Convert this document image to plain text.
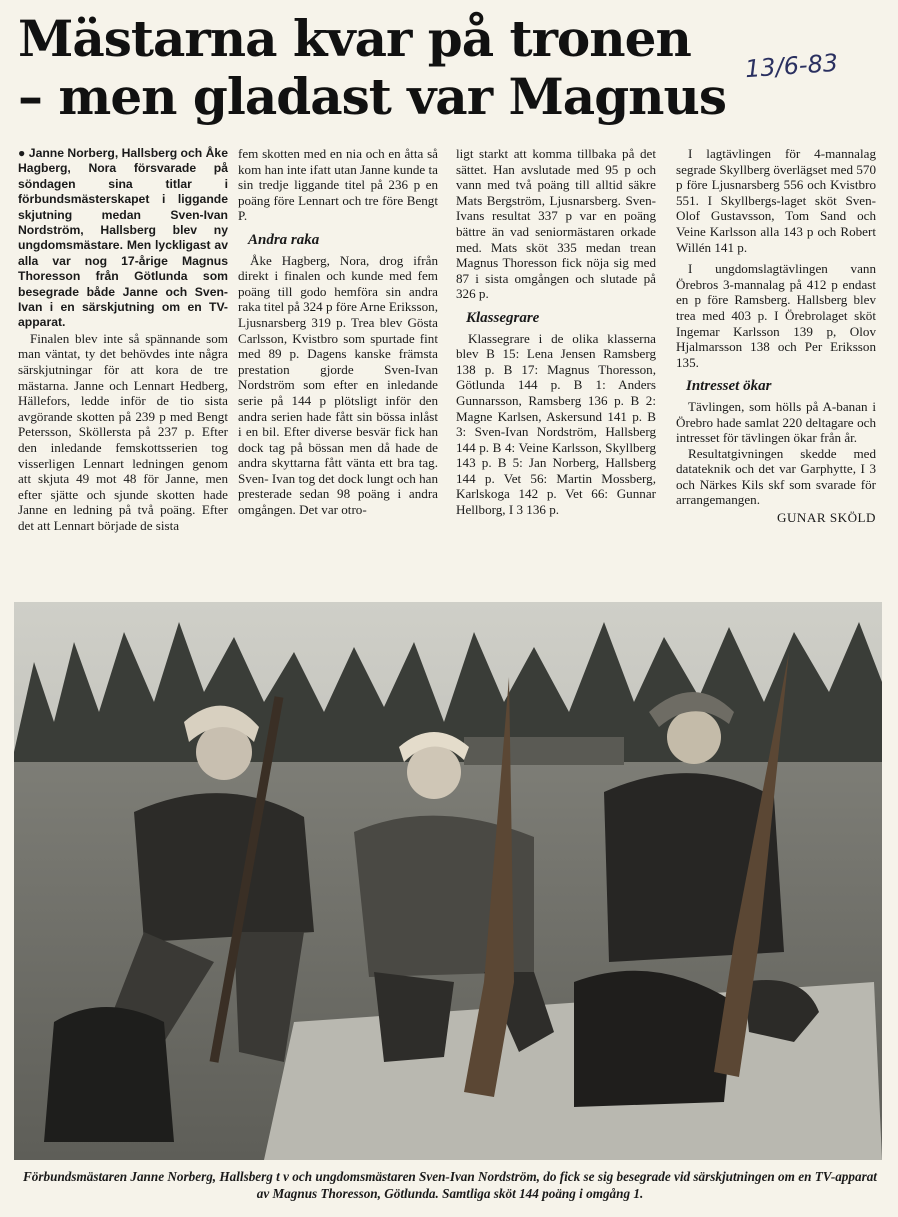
Mästarna kvar på tronen
– men gladast var Magnus
13/6-83

● Janne Norberg, Hallsberg och Åke Hagberg, Nora försvarade på söndagen sina titlar i förbundsmästerskapet i liggande skjutning medan Sven-Ivan Nordström, Hallsberg blev ny ungdomsmästare. Men lyckligast av alla var nog 17-årige Magnus Thoresson från Götlunda som besegrade både Janne och Sven- Ivan i en särskjutning om en TV-apparat.

Finalen blev inte så spännande som man väntat, ty det behövdes inte några särskjutningar för att kora de tre mästarna. Janne och Lennart Hedberg, Hällefors, ledde inför de tio sista avgörande skotten på 239 p med Bengt Petersson, Sköllersta på 237 p. Efter den inledande femskottsserien tog visserligen Lennart ledningen genom att skjuta 49 mot 48 för Janne, men efter sjätte och sjunde skotten hade Janne en ledning på två poäng. Efter det att Lennart började de sista

fem skotten med en nia och en åtta så kom han inte ifatt utan Janne kunde ta sin tredje liggande titel på 236 p en poäng före Lennart och tre före Bengt P.

Andra raka

Åke Hagberg, Nora, drog ifrån direkt i finalen och kunde med fem poäng till godo hemföra sin andra raka titel på 324 p före Arne Eriksson, Ljusnarsberg 319 p. Trea blev Gösta Carlsson, Kvistbro som spurtade fint med 89 p. Dagens kanske främsta prestation gjorde Sven-Ivan Nordström som efter en inledande serie på 144 p plötsligt inför den andra serien hade fått sin bössa inlåst i en bil. Efter diverse besvär fick han dock tag på bössan men då hade de andra skyttarna fått vänta ett bra tag. Sven- Ivan tog det dock lungt och han presterade sedan 98 poäng i andra omgången. Det var otro-

ligt starkt att komma tillbaka på det sättet. Han avslutade med 95 p och vann med två poäng till alltid säkre Mats Bergström, Ljusnarsberg. Sven-Ivans resultat 337 p var en poäng bättre än vad seniormästaren orkade med. Mats sköt 335 medan trean Magnus Thoresson fick nöja sig med 87 i sista omgången och slutade på 326 p.

Klassegrare

Klassegrare i de olika klasserna blev B 15: Lena Jensen Ramsberg 138 p. B 17: Magnus Thoresson, Götlunda 144 p. B 1: Anders Gunnarsson, Ramsberg 136 p. B 2: Magne Karlsen, Askersund 141 p. B 3: Sven-Ivan Nordström, Hallsberg 144 p. B 4: Veine Karlsson, Skyllberg 143 p. B 5: Jan Norberg, Hallsberg 144 p. Vet 56: Martin Mossberg, Karlskoga 142 p. Vet 66: Gunnar Hellborg, I 3 136 p.

I lagtävlingen för 4-mannalag segrade Skyllberg överlägset med 570 p före Ljusnarsberg 556 och Kvistbro 551. I Skyllbergs-laget sköt Sven-Olof Gustavsson, Tom Sand och Veine Karlsson alla 143 p och Robert Willén 141 p.

I ungdomslagtävlingen vann Örebros 3-mannalag på 412 p endast en p före Ramsberg. Hallsberg blev trea med 403 p. I Örebrolaget sköt Ingemar Karlsson 139 p, Olov Hjalmarsson 138 och Per Eriksson 135.

Intresset ökar

Tävlingen, som hölls på A-banan i Örebro hade samlat 220 deltagare och intresset för tävlingen ökar från år.

Resultatgivningen skedde med datateknik och det var Garphytte, I 3 och Närkes Kils skf som svarade för arrangemangen.

GUNAR SKÖLD
Förbundsmästaren Janne Norberg, Hallsberg t v och ungdomsmästaren Sven-Ivan Nordström, do fick se sig besegrade vid särskjutningen om en TV-apparat av Magnus Thoresson, Götlunda. Samtliga sköt 144 poäng i omgång 1.
